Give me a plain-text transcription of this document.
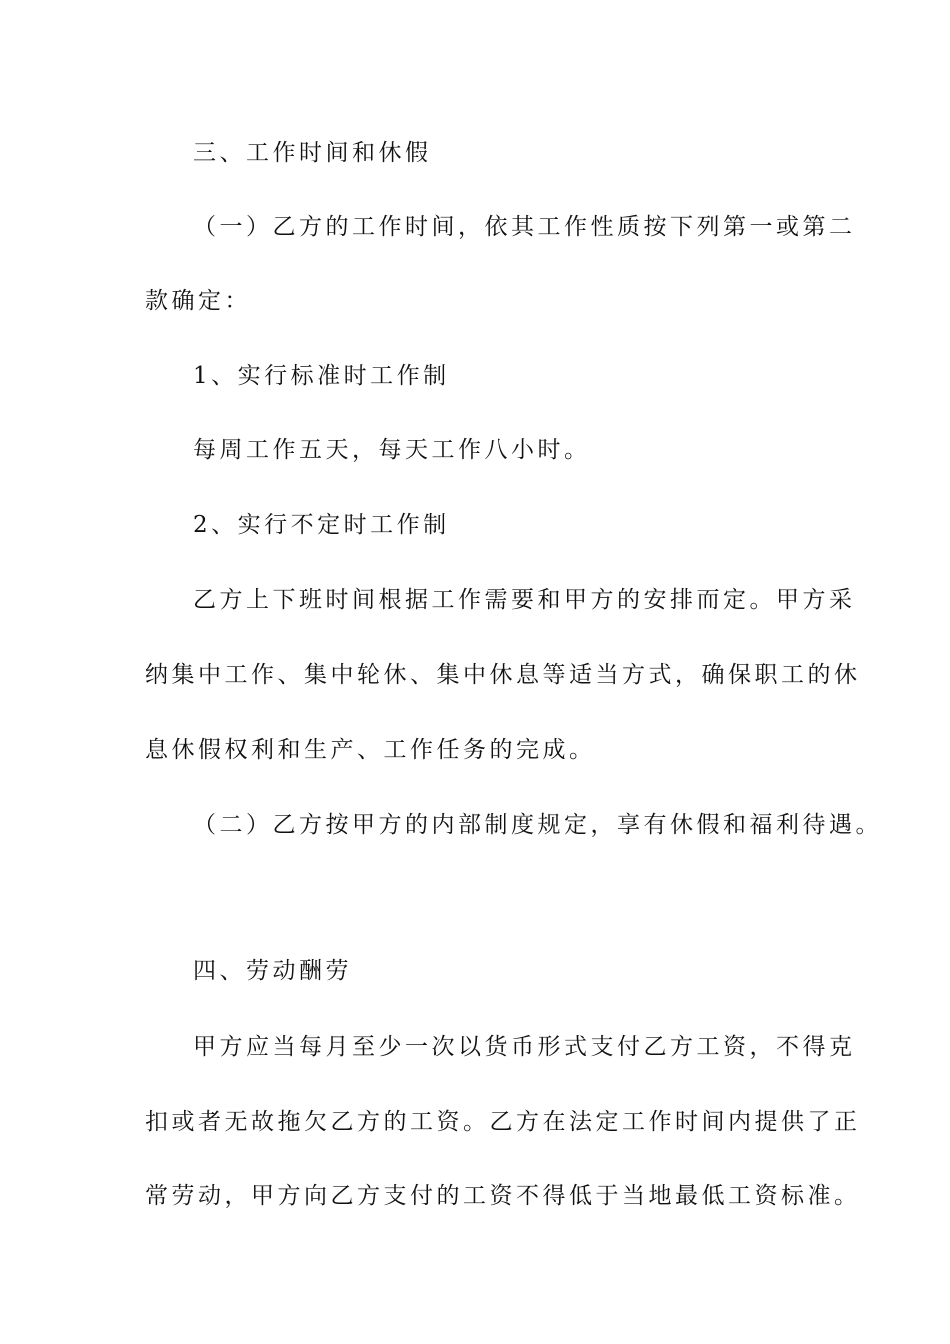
三、工作时间和休假
（一）乙方的工作时间，依其工作性质按下列第一或第二
款确定：
1、实行标准时工作制
每周工作五天，每天工作八小时。
2、实行不定时工作制
乙方上下班时间根据工作需要和甲方的安排而定。甲方采
纳集中工作、集中轮休、集中休息等适当方式，确保职工的休
息休假权利和生产、工作任务的完成。
（二）乙方按甲方的内部制度规定，享有休假和福利待遇。
四、劳动酬劳
甲方应当每月至少一次以货币形式支付乙方工资，不得克
扣或者无故拖欠乙方的工资。乙方在法定工作时间内提供了正
常劳动，甲方向乙方支付的工资不得低于当地最低工资标准。
